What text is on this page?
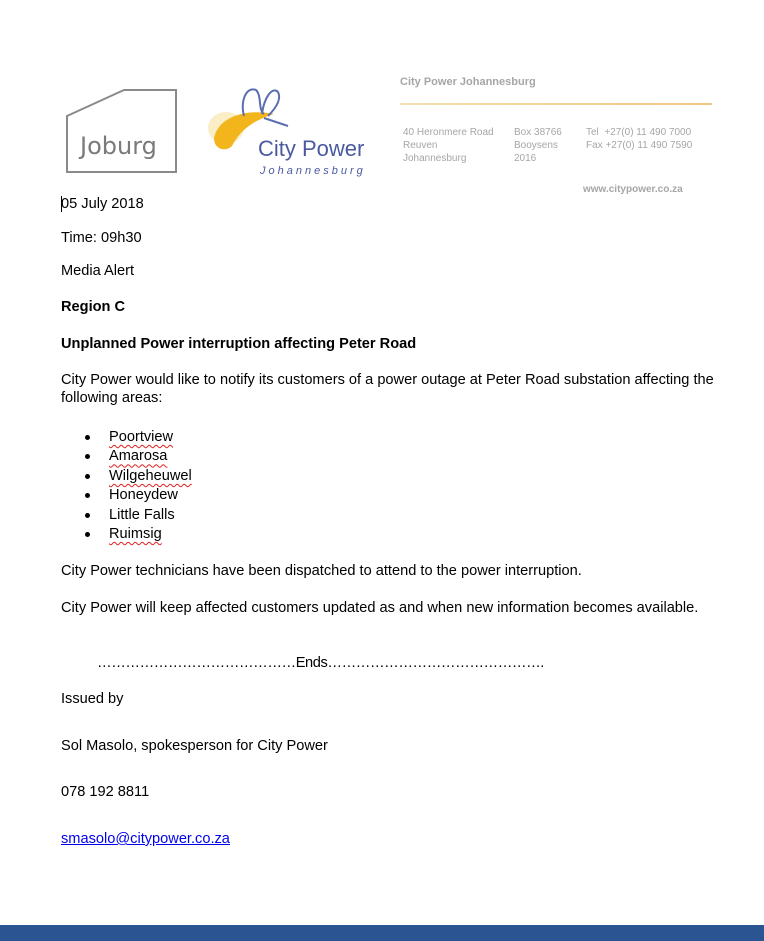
Joburg	City Power
Johannesburg
City Power Johannesburg
40 Heronmere Road
Reuven
Johannesburg
Box 38766
Booysens
2016
Tel  +27(0) 11 490 7000
Fax +27(0) 11 490 7590
www.citypower.co.za
05 July 2018
Time: 09h30
Media Alert
Region C
Unplanned Power interruption affecting Peter Road
City Power would like to notify its customers of a power outage at Peter Road substation affecting the following areas:
Poortview
Amarosa
Wilgeheuwel
Honeydew
Little Falls
Ruimsig
City Power technicians have been dispatched to attend to the power interruption.
City Power will keep affected customers updated as and when new information becomes available.
……………………………………Ends……………………………………….
Issued by
Sol Masolo, spokesperson for City Power
078 192 8811
smasolo@citypower.co.za
